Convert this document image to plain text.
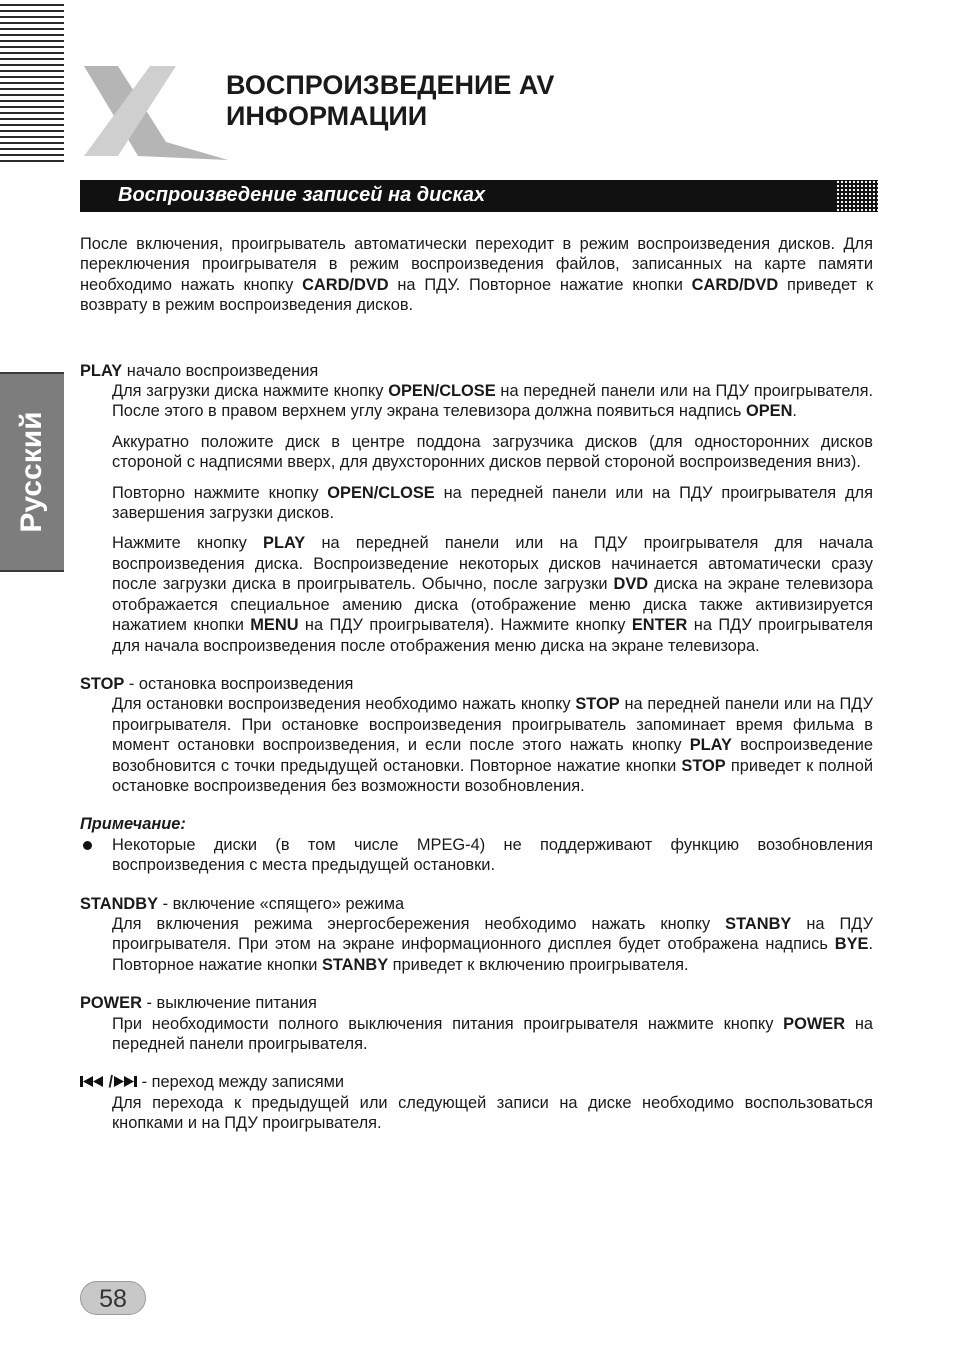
ВОСПРОИЗВЕДЕНИЕ AV
ИНФОРМАЦИИ
Воспроизведение записей на дисках
Русский

После включения, проигрыватель автоматически переходит в режим воспроизведения дисков. Для переключения проигрывателя в режим воспроизведения файлов, записанных на карте памяти необходимо нажать кнопку CARD/DVD на ПДУ. Повторное нажатие кнопки CARD/DVD приведет к возврату в режим воспроизведения дисков.

PLAY начало воспроизведения

Для загрузки диска нажмите кнопку OPEN/CLOSE на передней панели или на ПДУ проигрывателя. После этого в правом верхнем углу экрана телевизора должна появиться надпись OPEN.

Аккуратно положите диск в центре поддона загрузчика дисков (для односторонних дисков стороной с надписями вверх, для двухсторонних дисков первой стороной воспроизведения вниз).

Повторно нажмите кнопку OPEN/CLOSE на передней панели или на ПДУ проигрывателя для завершения загрузки дисков.

Нажмите кнопку PLAY на передней панели или на ПДУ проигрывателя для начала воспроизведения диска. Воспроизведение некоторых дисков начинается автоматически сразу после загрузки диска в проигрыватель. Обычно, после загрузки DVD диска на экране телевизора отображается специальное амению диска (отображение меню диска также активизируется нажатием кнопки MENU на ПДУ проигрывателя). Нажмите кнопку ENTER на ПДУ проигрывателя для начала воспроизведения после отображения меню диска на экране телевизора.

STOP - остановка воспроизведения

Для остановки воспроизведения необходимо нажать кнопку STOP на передней панели или на ПДУ проигрывателя. При остановке воспроизведения проигрыватель запоминает время фильма в момент остановки воспроизведения, и если после этого нажать кнопку PLAY воспроизведение возобновится с точки предыдущей остановки. Повторное нажатие кнопки STOP приведет к полной остановке воспроизведения без возможности возобновления.

Примечание:

Некоторые диски (в том числе MPEG-4) не поддерживают функцию возобновления воспроизведения с места предыдущей остановки.

STANDBY - включение «спящего» режима

Для включения режима энергосбережения необходимо нажать кнопку STANBY на ПДУ проигрывателя. При этом на экране информационного дисплея будет отображена надпись BYE. Повторное нажатие кнопки STANBY приведет к включению проигрывателя.

POWER - выключение питания

При необходимости полного выключения питания проигрывателя нажмите кнопку POWER на передней панели проигрывателя.

/ - переход между записями

Для перехода к предыдущей или следующей записи на диске необходимо воспользоваться кнопками и на ПДУ проигрывателя.

58
